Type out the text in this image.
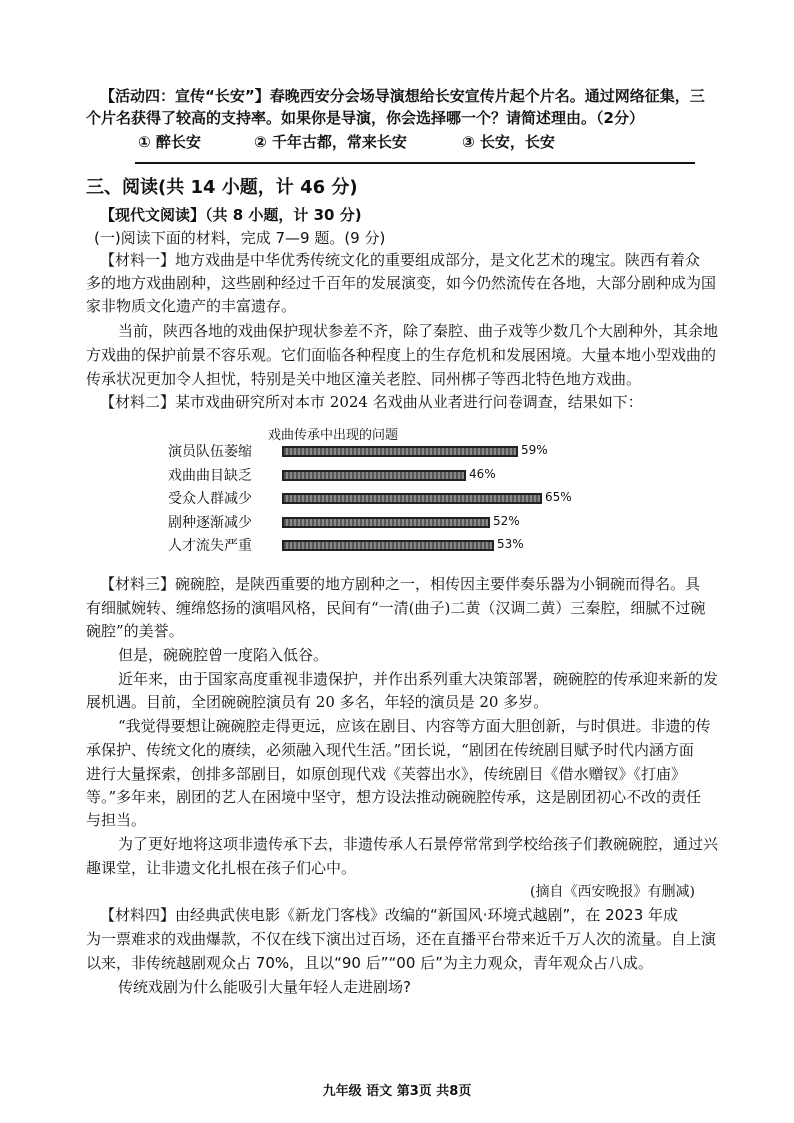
【活动四：宣传“长安”】春晚西安分会场导演想给长安宣传片起个片名。通过网络征集，三
个片名获得了较高的支持率。如果你是导演，你会选择哪一个？请简述理由。（2分）
① 醉长安	② 千年古都，常来长安	③ 长安，长安
三、阅读(共 14 小题，计 46 分)
【现代文阅读】（共 8 小题，计 30 分)
(一)阅读下面的材料，完成 7—9 题。(9 分)
【材料一】地方戏曲是中华优秀传统文化的重要组成部分，是文化艺术的瑰宝。陕西有着众
多的地方戏曲剧种，这些剧种经过千百年的发展演变，如今仍然流传在各地，大部分剧种成为国
家非物质文化遗产的丰富遗存。
当前，陕西各地的戏曲保护现状参差不齐，除了秦腔、曲子戏等少数几个大剧种外，其余地
方戏曲的保护前景不容乐观。它们面临各种程度上的生存危机和发展困境。大量本地小型戏曲的
传承状况更加令人担忧，特别是关中地区潼关老腔、同州梆子等西北特色地方戏曲。
【材料二】某市戏曲研究所对本市 2024 名戏曲从业者进行问卷调查，结果如下：
戏曲传承中出现的问题
演员队伍萎缩	59%
戏曲曲目缺乏	46%
受众人群减少	65%
剧种逐渐减少	52%
人才流失严重	53%
【材料三】碗碗腔，是陕西重要的地方剧种之一，相传因主要伴奏乐器为小铜碗而得名。具
有细腻婉转、缠绵悠扬的演唱风格，民间有“一清(曲子)二黄（汉调二黄）三秦腔，细腻不过碗
碗腔”的美誉。
但是，碗碗腔曾一度陷入低谷。
近年来，由于国家高度重视非遗保护，并作出系列重大决策部署，碗碗腔的传承迎来新的发
展机遇。目前，全团碗碗腔演员有 20 多名，年轻的演员是 20 多岁。
“我觉得要想让碗碗腔走得更远，应该在剧目、内容等方面大胆创新，与时俱进。非遗的传
承保护、传统文化的赓续，必须融入现代生活。”团长说，“剧团在传统剧目赋予时代内涵方面
进行大量探索，创排多部剧目，如原创现代戏《芙蓉出水》，传统剧目《借水赠钗》《打庙》
等。”多年来，剧团的艺人在困境中坚守，想方设法推动碗碗腔传承，这是剧团初心不改的责任
与担当。
为了更好地将这项非遗传承下去，非遗传承人石景停常常到学校给孩子们教碗碗腔，通过兴
趣课堂，让非遗文化扎根在孩子们心中。
(摘自《西安晚报》有删减)
【材料四】由经典武侠电影《新龙门客栈》改编的“新国风·环境式越剧”，在 2023 年成
为一票难求的戏曲爆款，不仅在线下演出过百场，还在直播平台带来近千万人次的流量。自上演
以来，非传统越剧观众占 70%，且以“90 后”“00 后”为主力观众，青年观众占八成。
传统戏剧为什么能吸引大量年轻人走进剧场?
九年级 语文 第3页 共8页
